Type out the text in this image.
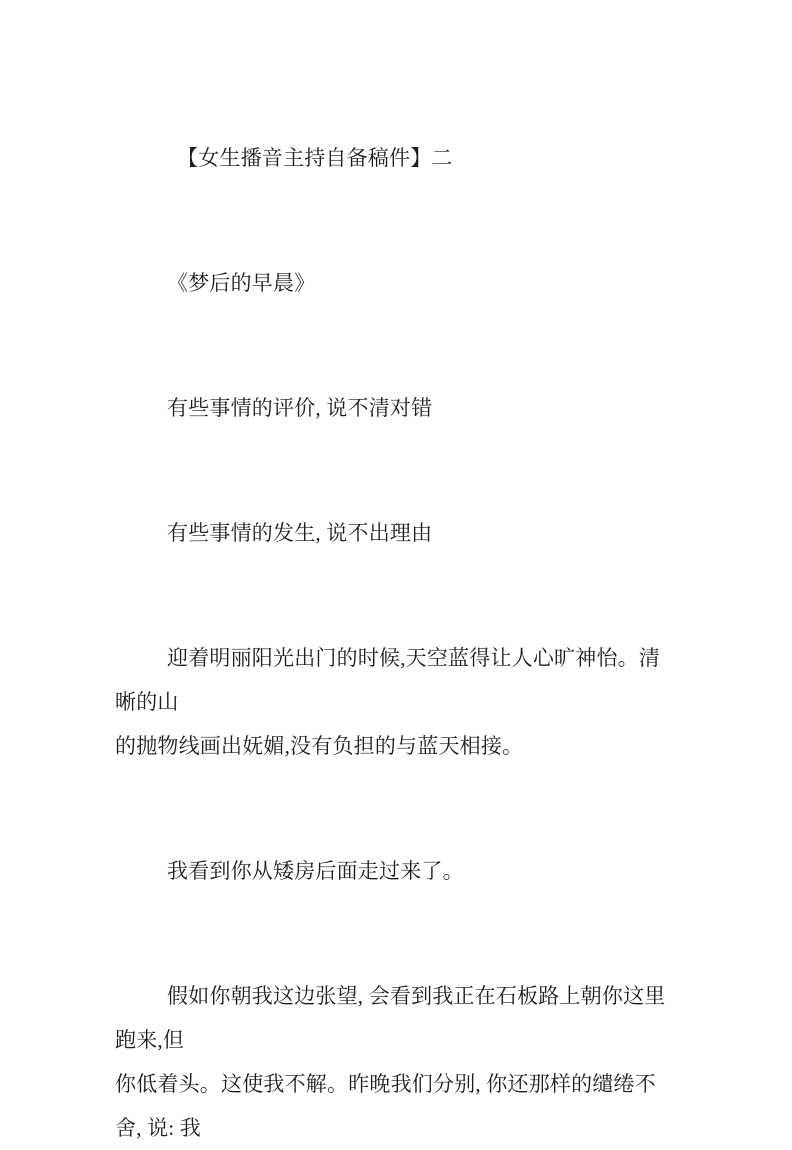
【女生播音主持自备稿件】二

《梦后的早晨》

有些事情的评价, 说不清对错

有些事情的发生, 说不出理由

迎着明丽阳光出门的时候,天空蓝得让人心旷神怡。清晰的山
的抛物线画出妩媚,没有负担的与蓝天相接。

我看到你从矮房后面走过来了。

假如你朝我这边张望, 会看到我正在石板路上朝你这里跑来,但
你低着头。这使我不解。昨晚我们分别, 你还那样的缱绻不舍, 说: 我
